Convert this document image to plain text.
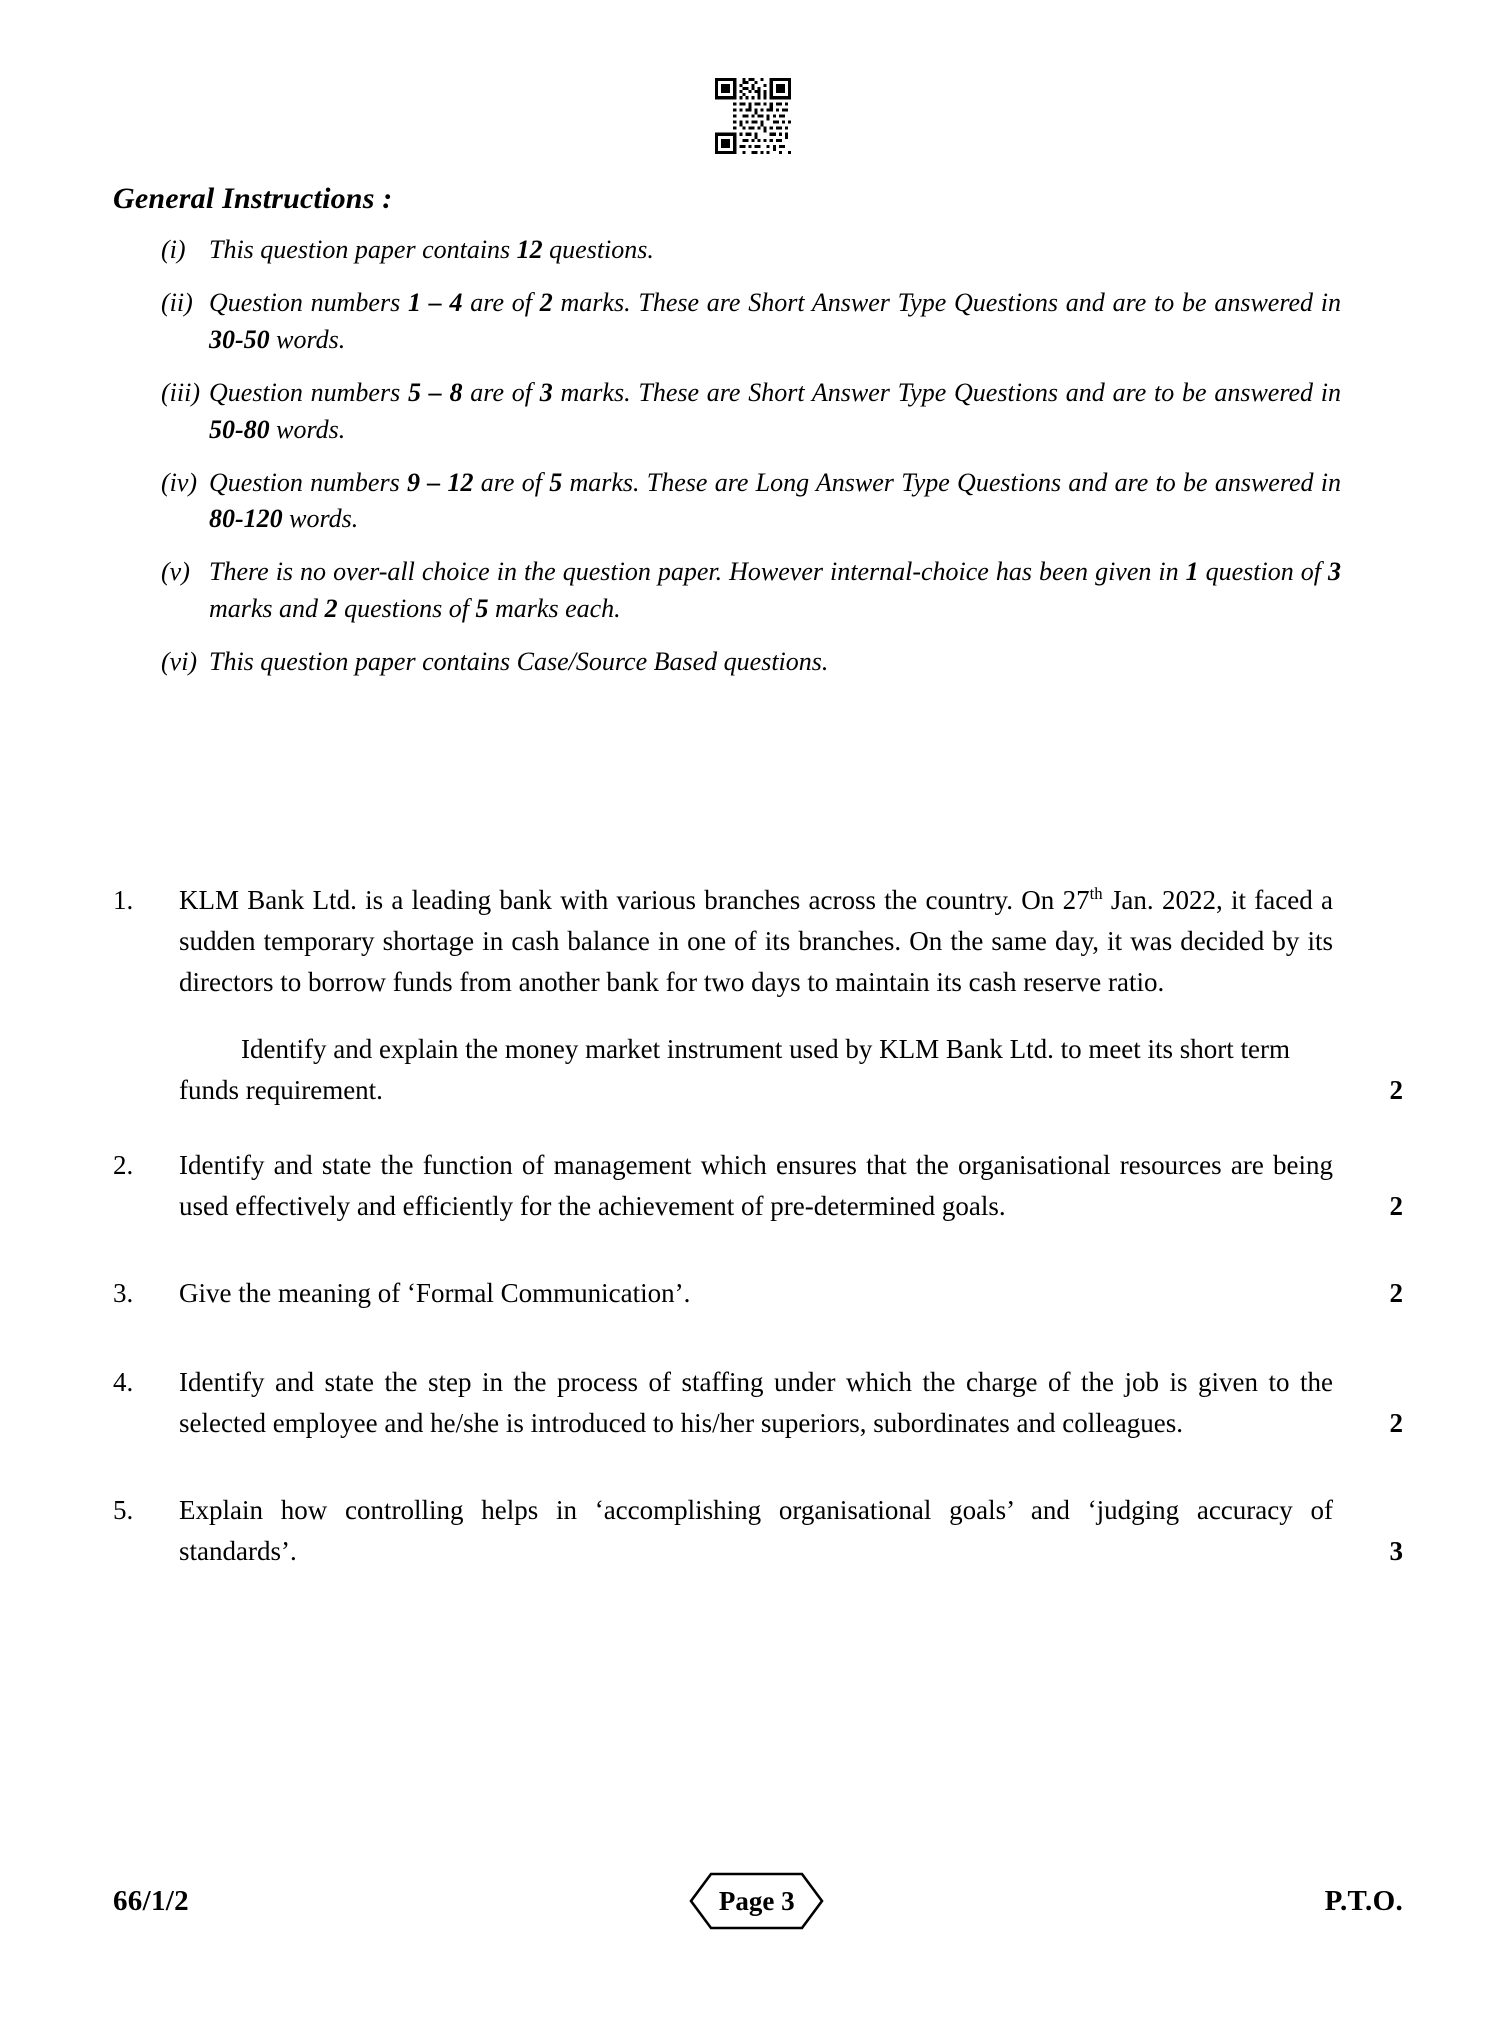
General Instructions :
(i) This question paper contains 12 questions.
(ii) Question numbers 1 – 4 are of 2 marks. These are Short Answer Type Questions and are to be answered in 30-50 words.
(iii) Question numbers 5 – 8 are of 3 marks. These are Short Answer Type Questions and are to be answered in 50-80 words.
(iv) Question numbers 9 – 12 are of 5 marks. These are Long Answer Type Questions and are to be answered in 80-120 words.
(v) There is no over-all choice in the question paper. However internal-choice has been given in 1 question of 3 marks and 2 questions of 5 marks each.
(vi) This question paper contains Case/Source Based questions.
1.	KLM Bank Ltd. is a leading bank with various branches across the country. On 27th Jan. 2022, it faced a sudden temporary shortage in cash balance in one of its branches. On the same day, it was decided by its directors to borrow funds from another bank for two days to maintain its cash reserve ratio.

Identify and explain the money market instrument used by KLM Bank Ltd. to meet its short term funds requirement.	2
2.	Identify and state the function of management which ensures that the organisational resources are being used effectively and efficiently for the achievement of pre-determined goals.	2
3.	Give the meaning of ‘Formal Communication’.	2
4.	Identify and state the step in the process of staffing under which the charge of the job is given to the selected employee and he/she is introduced to his/her superiors, subordinates and colleagues.	2
5.	Explain how controlling helps in ‘accomplishing organisational goals’ and ‘judging accuracy of standards’.	3
66/1/2	Page 3	P.T.O.
